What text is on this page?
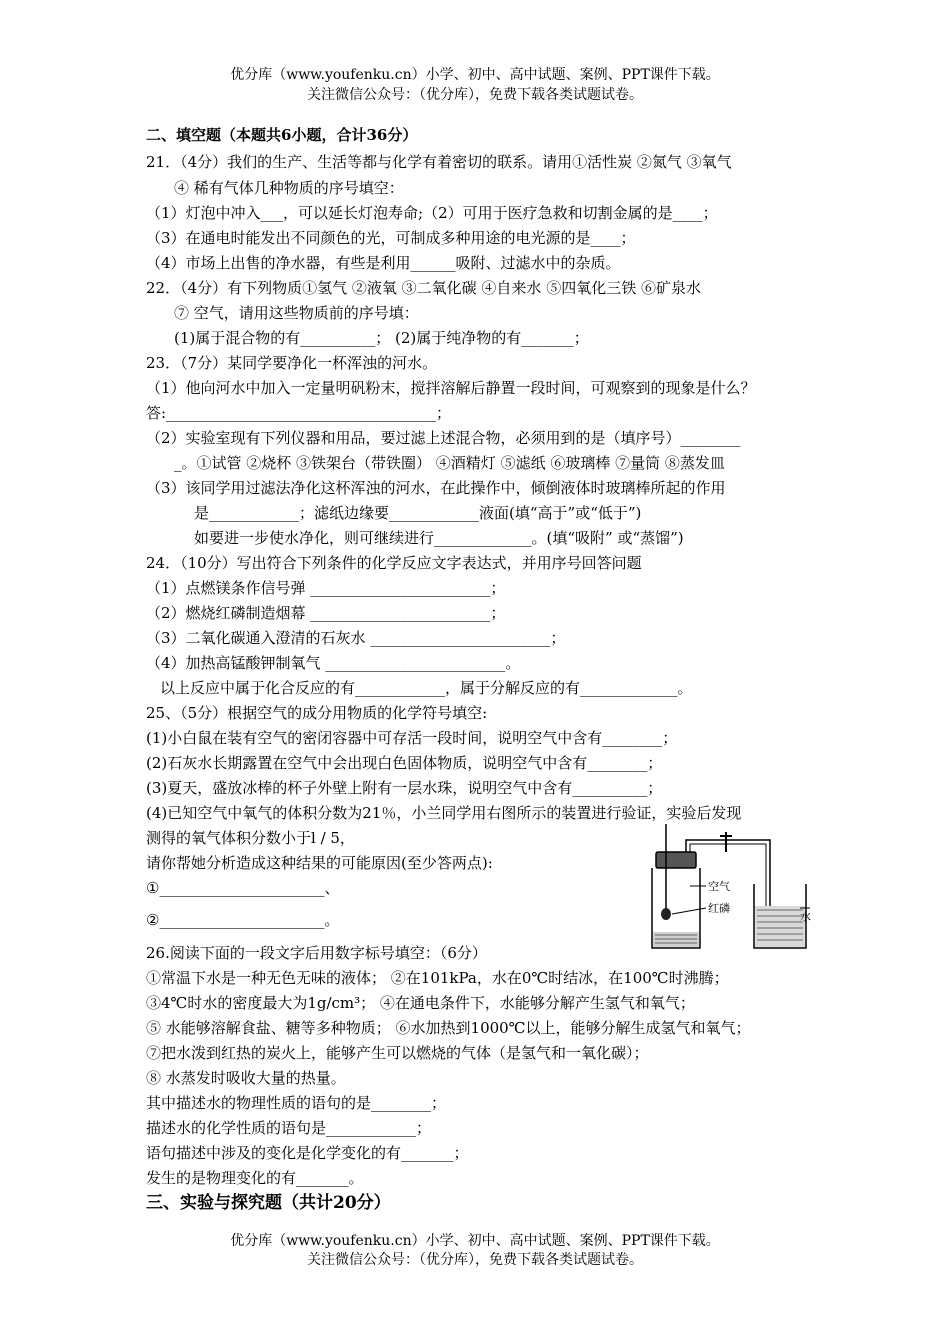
优分库（www.youfenku.cn）小学、初中、高中试题、案例、PPT课件下载。
关注微信公众号：（优分库），免费下载各类试题试卷。
二、填空题（本题共6小题，合计36分）
21．（4分）我们的生产、生活等都与化学有着密切的联系。请用①活性炭 ②氮气 ③氧气
④ 稀有气体几种物质的序号填空：
（1）灯泡中冲入___，可以延长灯泡寿命;（2）可用于医疗急救和切割金属的是____；
（3）在通电时能发出不同颜色的光，可制成多种用途的电光源的是____；
（4）市场上出售的净水器，有些是利用______吸附、过滤水中的杂质。
22．（4分）有下列物质①氢气 ②液氧 ③二氧化碳 ④自来水 ⑤四氧化三铁 ⑥矿泉水
⑦ 空气，请用这些物质前的序号填：
(1)属于混合物的有__________； (2)属于纯净物的有_______；
23．（7分）某同学要净化一杯浑浊的河水。
（1）他向河水中加入一定量明矾粉末，搅拌溶解后静置一段时间，可观察到的现象是什么？
答:____________________________________；
（2）实验室现有下列仪器和用品，要过滤上述混合物，必须用到的是（填序号）________
_。①试管 ②烧杯 ③铁架台（带铁圈） ④酒精灯 ⑤滤纸 ⑥玻璃棒 ⑦量筒 ⑧蒸发皿
（3）该同学用过滤法净化这杯浑浊的河水，在此操作中，倾倒液体时玻璃棒所起的作用
是____________；滤纸边缘要____________液面(填“高于”或“低于”)
如要进一步使水净化，则可继续进行_____________。(填“吸附” 或“蒸馏”)
24．（10分）写出符合下列条件的化学反应文字表达式，并用序号回答问题
（1）点燃镁条作信号弹 ________________________；
（2）燃烧红磷制造烟幕 ________________________；
（3）二氧化碳通入澄清的石灰水 ________________________；
（4）加热高锰酸钾制氧气 ________________________。
以上反应中属于化合反应的有____________，属于分解反应的有_____________。
25、（5分）根据空气的成分用物质的化学符号填空:
(1)小白鼠在装有空气的密闭容器中可存活一段时间，说明空气中含有________；
(2)石灰水长期露置在空气中会出现白色固体物质，说明空气中含有________；
(3)夏天，盛放冰棒的杯子外壁上附有一层水珠，说明空气中含有__________；
(4)已知空气中氧气的体积分数为21％，小兰同学用右图所示的装置进行验证，实验后发现
测得的氧气体积分数小于l / 5，
请你帮她分析造成这种结果的可能原因(至少答两点):
①______________________、
②______________________。
空气
红磷
水
26.阅读下面的一段文字后用数字标号填空：（6分）
①常温下水是一种无色无味的液体； ②在101kPa，水在0℃时结冰，在100℃时沸腾；
③4℃时水的密度最大为1g/cm³； ④在通电条件下，水能够分解产生氢气和氧气；
⑤ 水能够溶解食盐、糖等多种物质； ⑥水加热到1000℃以上，能够分解生成氢气和氧气；
⑦把水泼到红热的炭火上，能够产生可以燃烧的气体（是氢气和一氧化碳）；
⑧ 水蒸发时吸收大量的热量。
其中描述水的物理性质的语句的是________；
描述水的化学性质的语句是____________；
语句描述中涉及的变化是化学变化的有_______；
发生的是物理变化的有_______。
三、实验与探究题（共计20分）
优分库（www.youfenku.cn）小学、初中、高中试题、案例、PPT课件下载。
关注微信公众号：（优分库），免费下载各类试题试卷。
